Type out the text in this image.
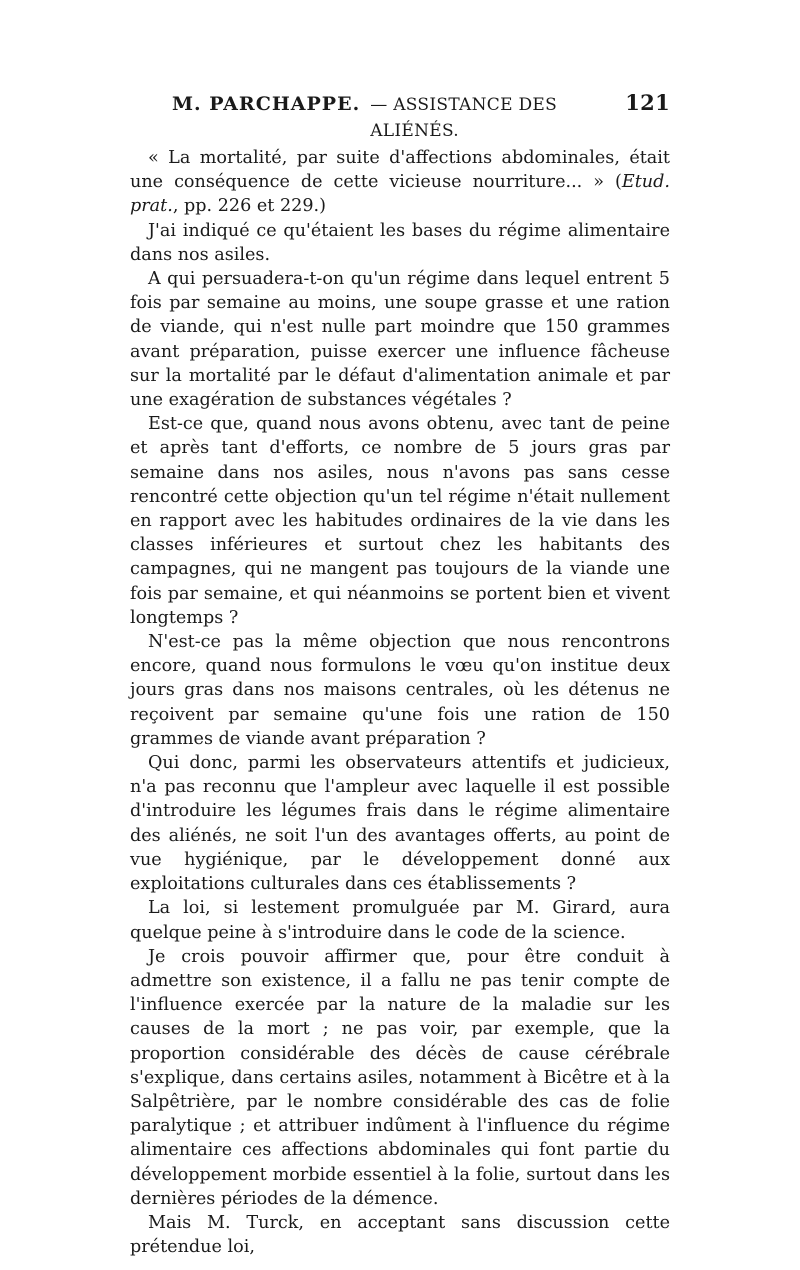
M. PARCHAPPE. — ASSISTANCE DES ALIÉNÉS.
121

« La mortalité, par suite d'affections abdominales, était une conséquence de cette vicieuse nourriture... » (Etud. prat., pp. 226 et 229.)

J'ai indiqué ce qu'étaient les bases du régime alimentaire dans nos asiles.

A qui persuadera-t-on qu'un régime dans lequel entrent 5 fois par semaine au moins, une soupe grasse et une ration de viande, qui n'est nulle part moindre que 150 grammes avant préparation, puisse exercer une influence fâcheuse sur la mortalité par le défaut d'alimentation animale et par une exagération de substances végétales ?

Est-ce que, quand nous avons obtenu, avec tant de peine et après tant d'efforts, ce nombre de 5 jours gras par semaine dans nos asiles, nous n'avons pas sans cesse rencontré cette objection qu'un tel régime n'était nullement en rapport avec les habitudes ordinaires de la vie dans les classes inférieures et surtout chez les habitants des campagnes, qui ne mangent pas toujours de la viande une fois par semaine, et qui néanmoins se portent bien et vivent longtemps ?

N'est-ce pas la même objection que nous rencontrons encore, quand nous formulons le vœu qu'on institue deux jours gras dans nos maisons centrales, où les détenus ne reçoivent par semaine qu'une fois une ration de 150 grammes de viande avant préparation ?

Qui donc, parmi les observateurs attentifs et judicieux, n'a pas reconnu que l'ampleur avec laquelle il est possible d'introduire les légumes frais dans le régime alimentaire des aliénés, ne soit l'un des avantages offerts, au point de vue hygiénique, par le développement donné aux exploitations culturales dans ces établissements ?

La loi, si lestement promulguée par M. Girard, aura quelque peine à s'introduire dans le code de la science.

Je crois pouvoir affirmer que, pour être conduit à admettre son existence, il a fallu ne pas tenir compte de l'influence exercée par la nature de la maladie sur les causes de la mort ; ne pas voir, par exemple, que la proportion considérable des décès de cause cérébrale s'explique, dans certains asiles, notamment à Bicêtre et à la Salpêtrière, par le nombre considérable des cas de folie paralytique ; et attribuer indûment à l'influence du régime alimentaire ces affections abdominales qui font partie du développement morbide essentiel à la folie, surtout dans les dernières périodes de la démence.

Mais M. Turck, en acceptant sans discussion cette prétendue loi,
